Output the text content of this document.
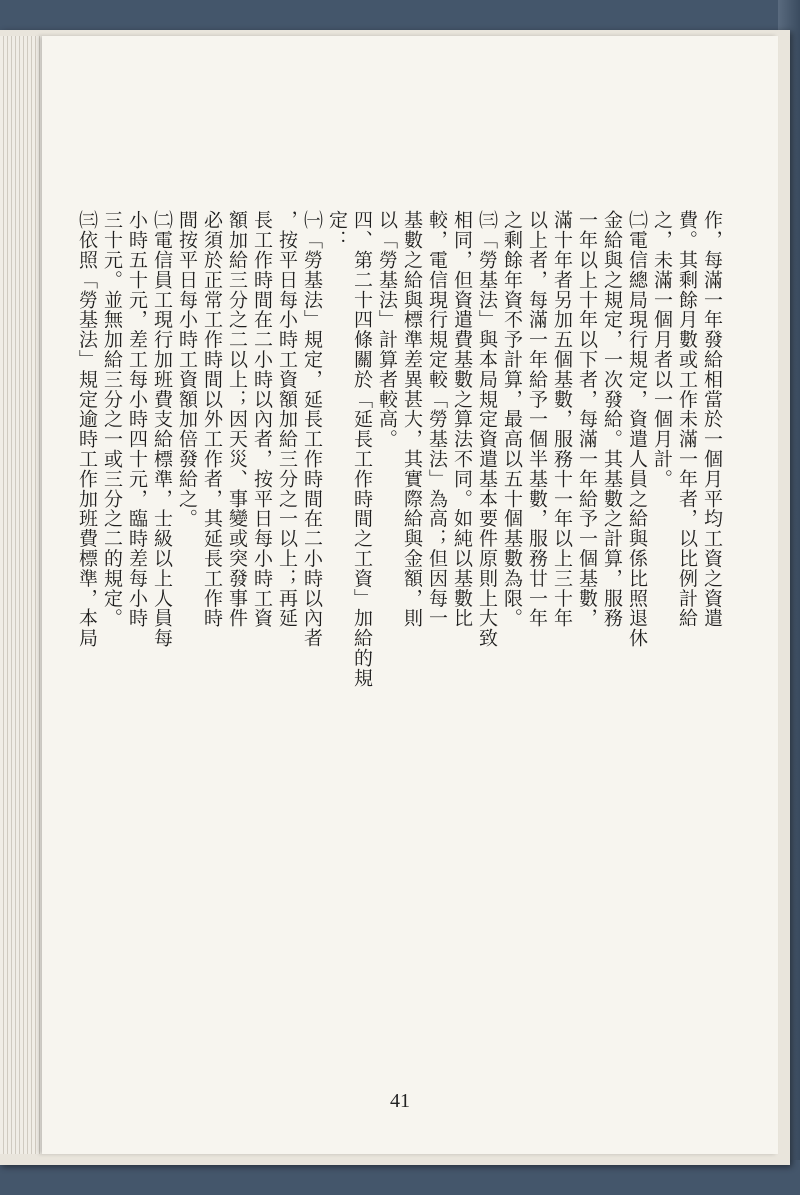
作，每滿一年發給相當於一個月平均工資之資遣
費。其剩餘月數或工作未滿一年者，以比例計給
之，未滿一個月者以一個月計。
㈡電信總局現行規定，資遣人員之給與係比照退休
金給與之規定，一次發給。其基數之計算，服務
一年以上十年以下者，每滿一年給予一個基數，
滿十年者另加五個基數，服務十一年以上三十年
以上者，每滿一年給予一個半基數，服務廿一年
之剩餘年資不予計算，最高以五十個基數為限。
㈢「勞基法」與本局規定資遣基本要件原則上大致
相同，但資遣費基數之算法不同。如純以基數比
較，電信現行規定較「勞基法」為高；但因每一
基數之給與標準差異甚大，其實際給與金額，則
以「勞基法」計算者較高。
四、第二十四條關於「延長工作時間之工資」加給的規
定：
㈠「勞基法」規定，延長工作時間在二小時以內者
，按平日每小時工資額加給三分之一以上；再延
長工作時間在二小時以內者，按平日每小時工資
額加給三分之二以上；因天災、事變或突發事件
必須於正常工作時間以外工作者，其延長工作時
間按平日每小時工資額加倍發給之。
㈡電信員工現行加班費支給標準，士級以上人員每
小時五十元，差工每小時四十元，臨時差每小時
三十元。並無加給三分之一或三分之二的規定。
㈢依照「勞基法」規定逾時工作加班費標準，本局
41
